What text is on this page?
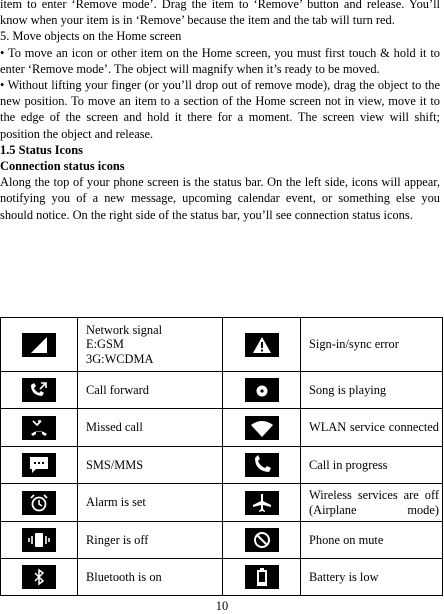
item to enter ‘Remove mode’. Drag the item to ‘Remove’ button and release. You’ll know when your item is in ‘Remove’ because the item and the tab will turn red.

5. Move objects on the Home screen

• To move an icon or other item on the Home screen, you must first touch & hold it to enter ‘Remove mode’. The object will magnify when it’s ready to be moved.

• Without lifting your finger (or you’ll drop out of remove mode), drag the object to the new position. To move an item to a section of the Home screen not in view, move it to the edge of the screen and hold it there for a moment. The screen view will shift; position the object and release.

1.5 Status Icons

Connection status icons

Along the top of your phone screen is the status bar. On the left side, icons will appear, notifying you of a new message, upcoming calendar event, or something else you should notice. On the right side of the status bar, you’ll see connection status icons.

Network signal
E:GSM
3G:WCDMA		Sign-in/sync error

Call forward		Song is playing

Missed call		WLAN service connected

SMS/MMS		Call in progress

Alarm is set		Wireless services are off (Airplane mode)

Ringer is off		Phone on mute

Bluetooth is on		Battery is low
10
